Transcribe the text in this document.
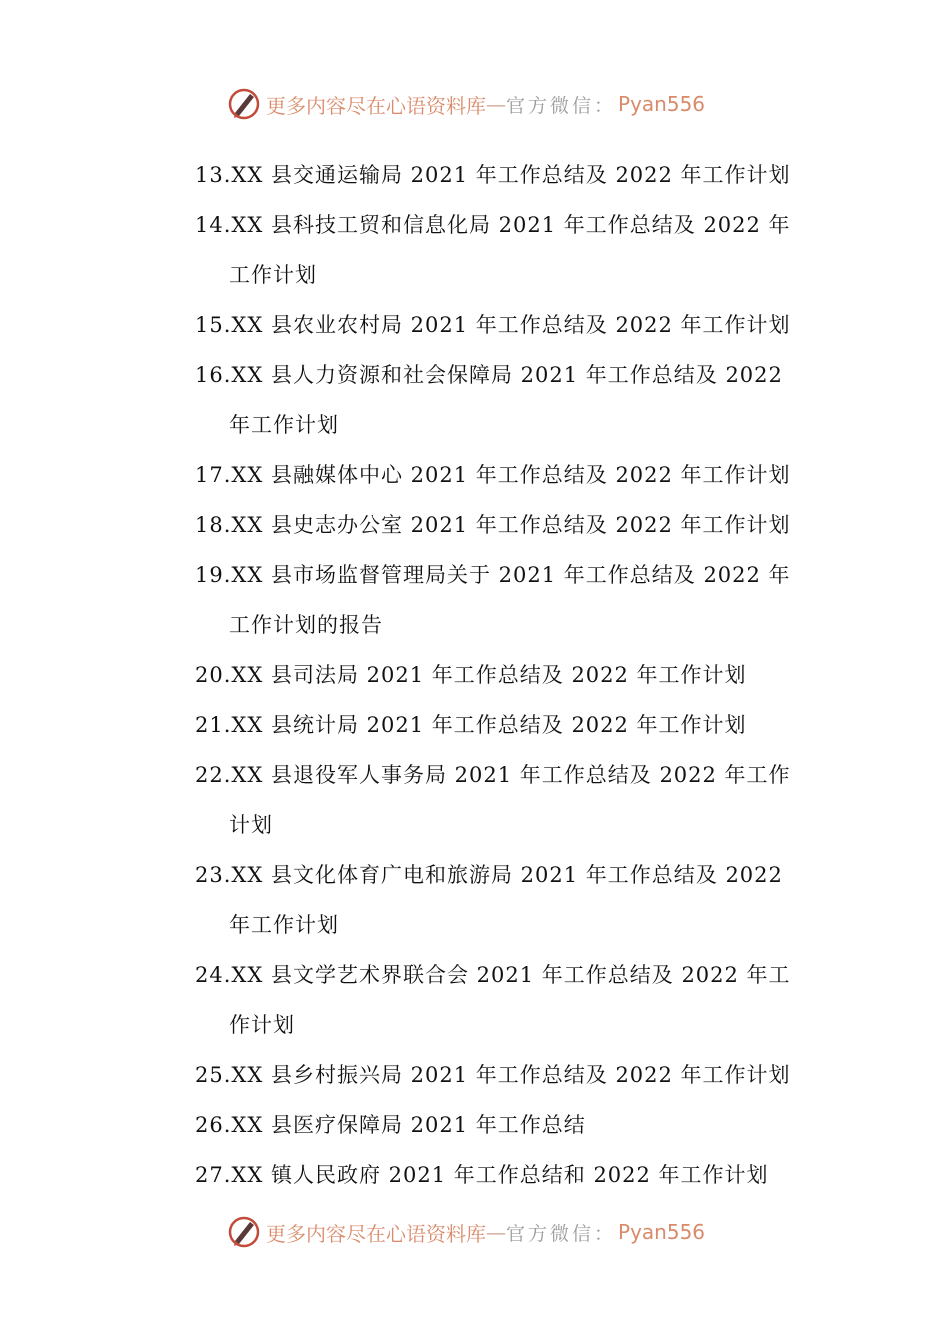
更多内容尽在心语资料库 — 官方微信： Pyan556
13.XX 县交通运输局 2021 年工作总结及 2022 年工作计划
14.XX 县科技工贸和信息化局 2021 年工作总结及 2022 年工作计划
15.XX 县农业农村局 2021 年工作总结及 2022 年工作计划
16.XX 县人力资源和社会保障局 2021 年工作总结及 2022 年工作计划
17.XX 县融媒体中心 2021 年工作总结及 2022 年工作计划
18.XX 县史志办公室 2021 年工作总结及 2022 年工作计划
19.XX 县市场监督管理局关于 2021 年工作总结及 2022 年工作计划的报告
20.XX 县司法局 2021 年工作总结及 2022 年工作计划
21.XX 县统计局 2021 年工作总结及 2022 年工作计划
22.XX 县退役军人事务局 2021 年工作总结及 2022 年工作计划
23.XX 县文化体育广电和旅游局 2021 年工作总结及 2022 年工作计划
24.XX 县文学艺术界联合会 2021 年工作总结及 2022 年工作计划
25.XX 县乡村振兴局 2021 年工作总结及 2022 年工作计划
26.XX 县医疗保障局 2021 年工作总结
27.XX 镇人民政府 2021 年工作总结和 2022 年工作计划
更多内容尽在心语资料库 — 官方微信： Pyan556
